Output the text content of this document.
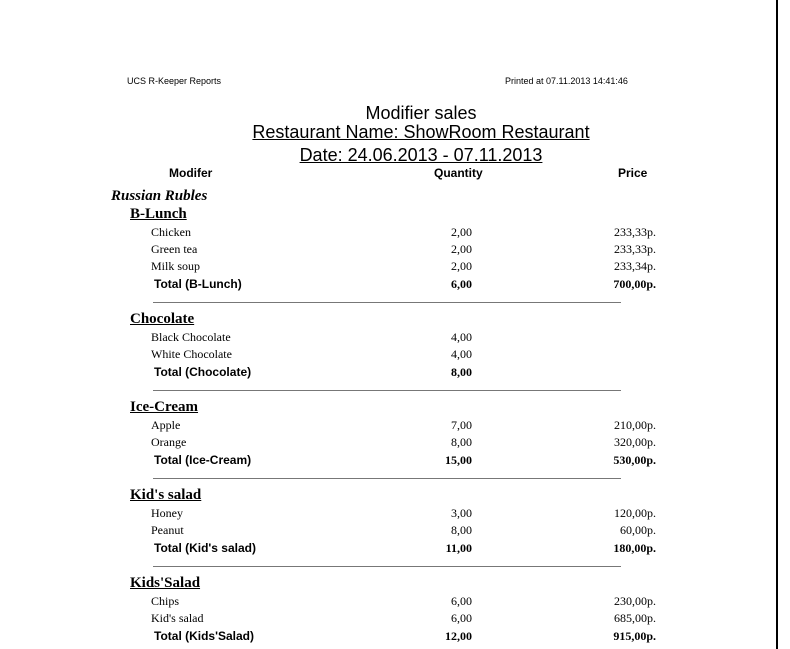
UCS R-Keeper Reports	Printed at 07.11.2013 14:41:46
Modifier sales
Restaurant Name: ShowRoom Restaurant
Date: 24.06.2013 - 07.11.2013
Modifer	Quantity	Price
Russian Rubles
B-Lunch
Chicken	2,00	233,33р.
Green tea	2,00	233,33р.
Milk soup	2,00	233,34р.
Total (B-Lunch)	6,00	700,00р.
Chocolate
Black Chocolate	4,00
White Chocolate	4,00
Total (Chocolate)	8,00
Ice-Cream
Apple	7,00	210,00р.
Orange	8,00	320,00р.
Total (Ice-Cream)	15,00	530,00р.
Kid's salad
Honey	3,00	120,00р.
Peanut	8,00	60,00р.
Total (Kid's salad)	11,00	180,00р.
Kids'Salad
Chips	6,00	230,00р.
Kid's salad	6,00	685,00р.
Total (Kids'Salad)	12,00	915,00р.
